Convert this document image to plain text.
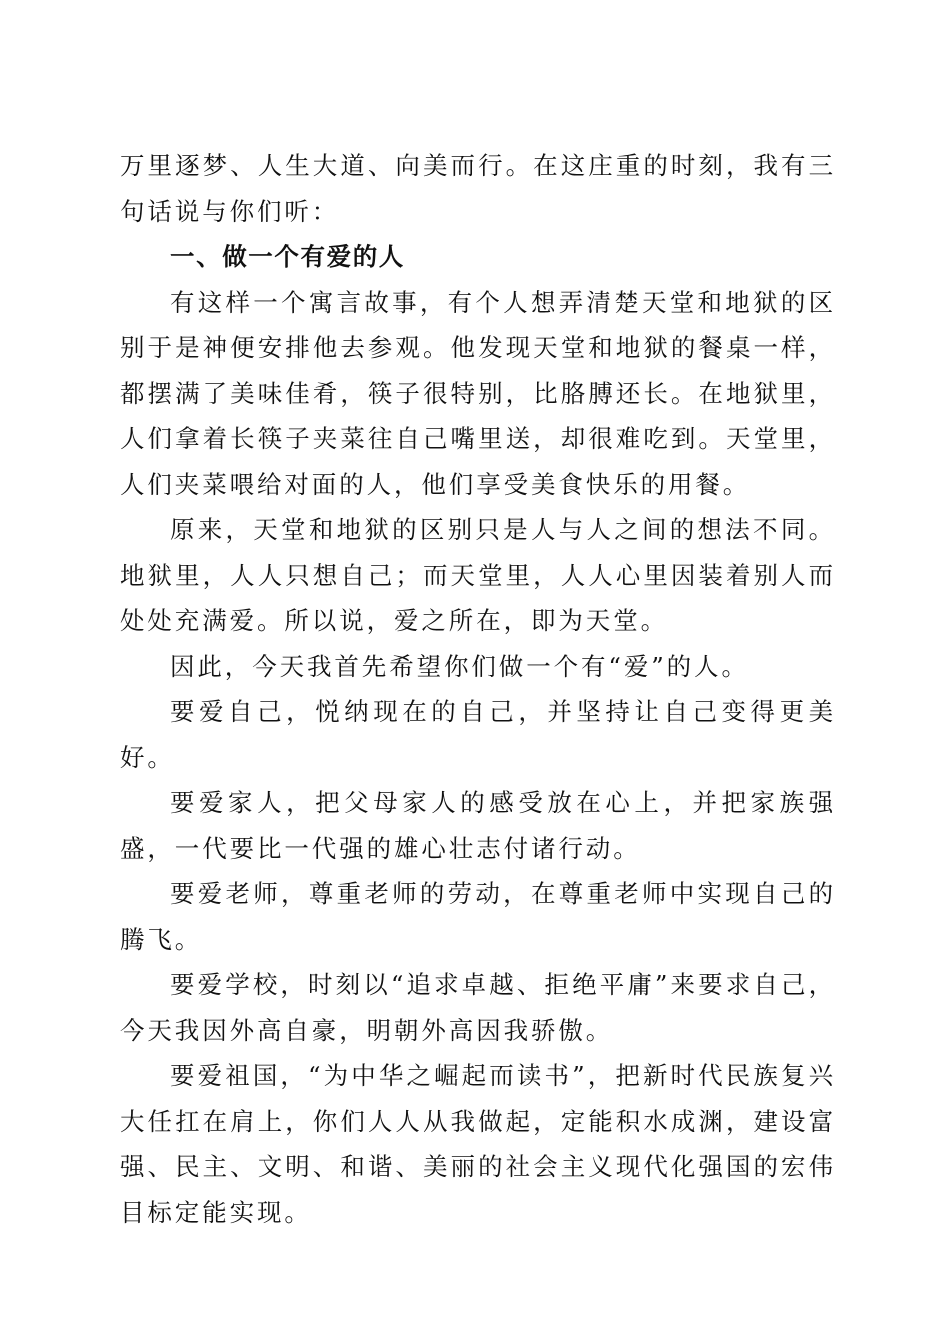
万里逐梦、人生大道、向美而行。在这庄重的时刻，我有三句话说与你们听：

一、做一个有爱的人

有这样一个寓言故事，有个人想弄清楚天堂和地狱的区别于是神便安排他去参观。他发现天堂和地狱的餐桌一样，都摆满了美味佳肴，筷子很特别，比胳膊还长。在地狱里，人们拿着长筷子夹菜往自己嘴里送，却很难吃到。天堂里，人们夹菜喂给对面的人，他们享受美食快乐的用餐。

原来，天堂和地狱的区别只是人与人之间的想法不同。地狱里，人人只想自己；而天堂里，人人心里因装着别人而处处充满爱。所以说，爱之所在，即为天堂。

因此，今天我首先希望你们做一个有“爱”的人。

要爱自己，悦纳现在的自己，并坚持让自己变得更美好。

要爱家人，把父母家人的感受放在心上，并把家族强盛，一代要比一代强的雄心壮志付诸行动。

要爱老师，尊重老师的劳动，在尊重老师中实现自己的腾飞。

要爱学校，时刻以“追求卓越、拒绝平庸”来要求自己，今天我因外高自豪，明朝外高因我骄傲。

要爱祖国，“为中华之崛起而读书”，把新时代民族复兴大任扛在肩上，你们人人从我做起，定能积水成渊，建设富强、民主、文明、和谐、美丽的社会主义现代化强国的宏伟目标定能实现。
